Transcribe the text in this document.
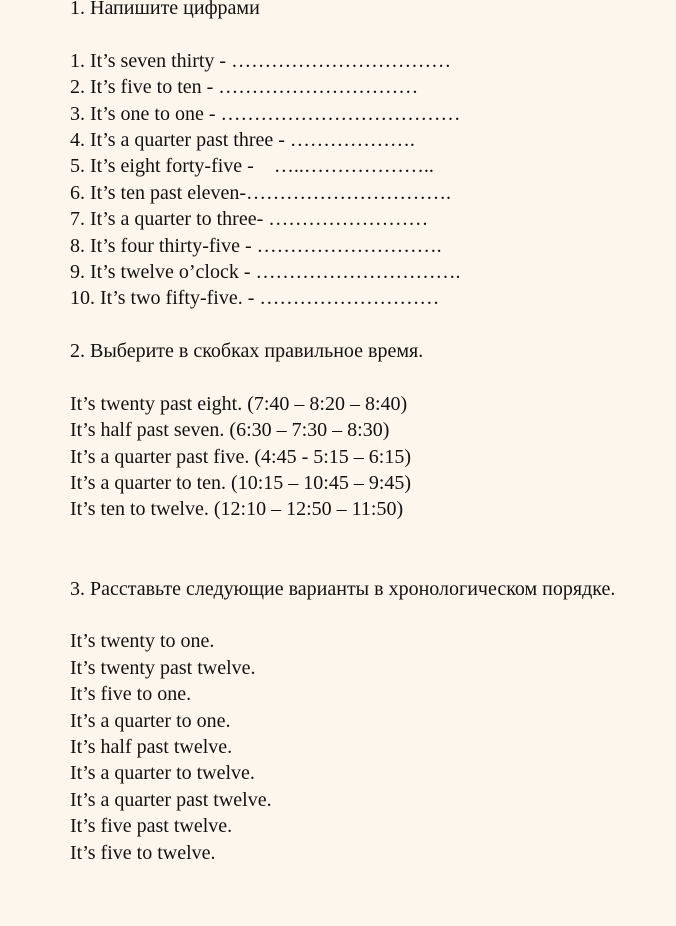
1. Напишите цифрами
1. It’s seven thirty - ……………………………
2. It’s five to ten - …………………………
3. It’s one to one - ………………………………
4. It’s a quarter past three - ……………….
5. It’s eight forty-five -    …..………………..
6. It’s ten past eleven-………………………….
7. It’s a quarter to three- ……………………
8. It’s four thirty-five - ……………………….
9. It’s twelve o’clock - ………………………….
10. It’s two fifty-five. - ………………………
2. Выберите в скобках правильное время.
It’s twenty past eight. (7:40 – 8:20 – 8:40)
It’s half past seven. (6:30 – 7:30 – 8:30)
It’s a quarter past five. (4:45 - 5:15 – 6:15)
It’s a quarter to ten. (10:15 – 10:45 – 9:45)
It’s ten to twelve. (12:10 – 12:50 – 11:50)
3. Расставьте следующие варианты в хронологическом порядке.
It’s twenty to one.
It’s twenty past twelve.
It’s five to one.
It’s a quarter to one.
It’s half past twelve.
It’s a quarter to twelve.
It’s a quarter past twelve.
It’s five past twelve.
It’s five to twelve.
